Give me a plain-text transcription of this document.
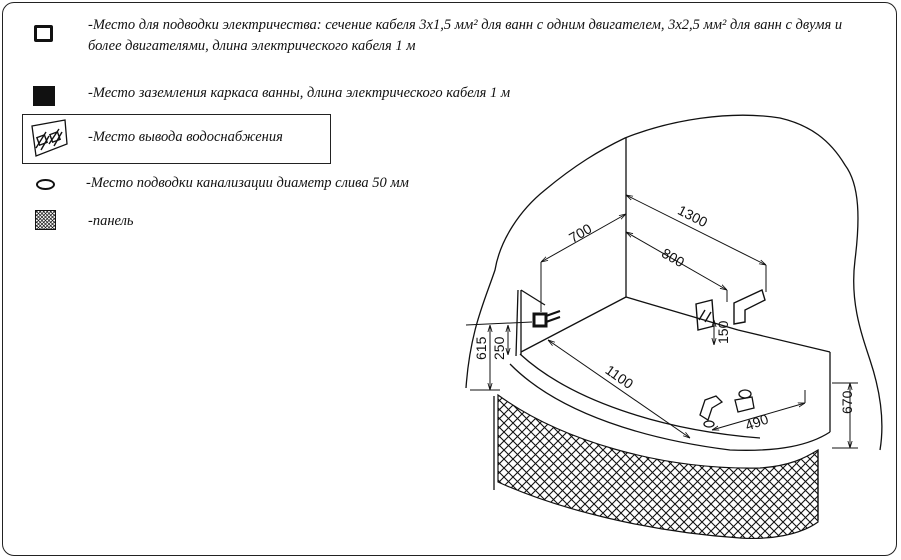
-Место для подводки электричества: сечение кабеля 3х1,5 мм² для ванн с одним двигателем, 3х2,5 мм² для ванн с двумя и
более двигателями, длина электрического кабеля 1 м
-Место заземления каркаса ванны, длина электрического кабеля 1 м
-Место вывода водоснабжения
-Место подводки канализации диаметр слива 50 мм
-панель	700
1300
800
615 250
150
1100
490
670
